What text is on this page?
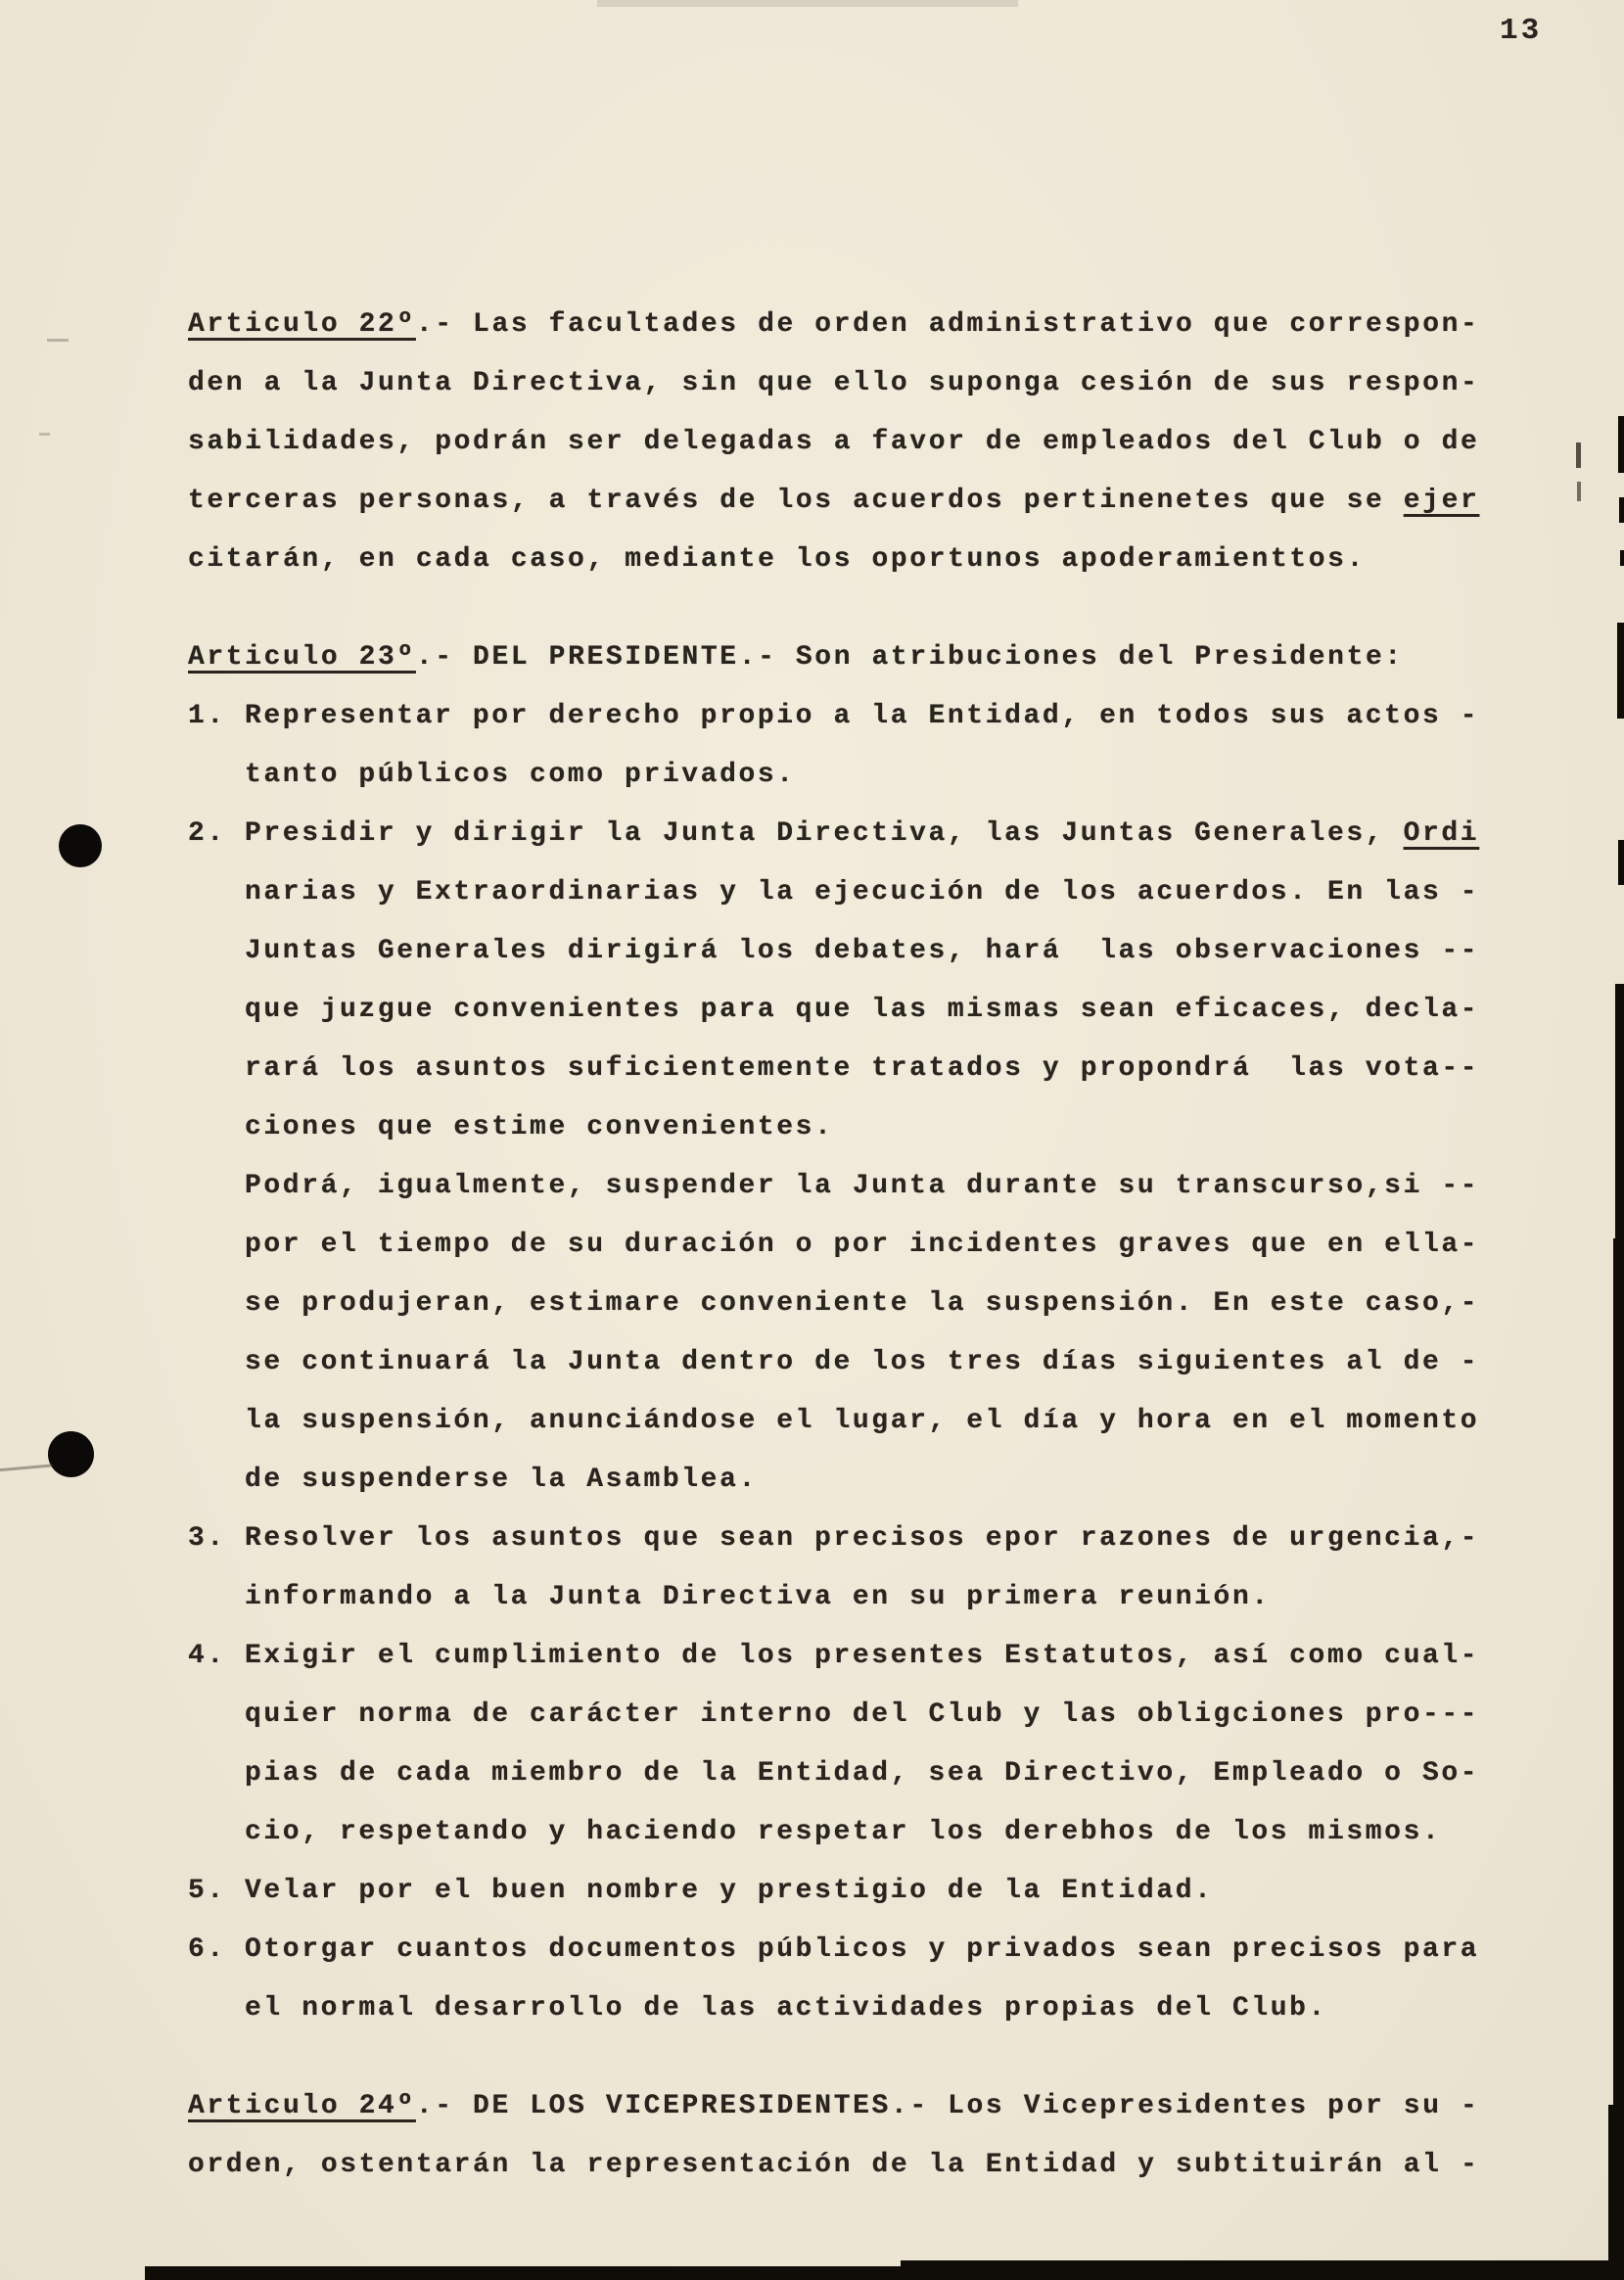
13
Articulo 22º.- Las facultades de orden administrativo que correspon-
den a la Junta Directiva, sin que ello suponga cesión de sus respon-
sabilidades, podrán ser delegadas a favor de empleados del Club o de
terceras personas, a través de los acuerdos pertinenetes que se ejer
citarán, en cada caso, mediante los oportunos apoderamienttos.
Articulo 23º.- DEL PRESIDENTE.- Son atribuciones del Presidente:
1. Representar por derecho propio a la Entidad, en todos sus actos -
tanto públicos como privados.
2. Presidir y dirigir la Junta Directiva, las Juntas Generales, Ordi
narias y Extraordinarias y la ejecución de los acuerdos. En las -
Juntas Generales dirigirá los debates, hará  las observaciones --
que juzgue convenientes para que las mismas sean eficaces, decla-
rará los asuntos suficientemente tratados y propondrá  las vota--
ciones que estime convenientes.
Podrá, igualmente, suspender la Junta durante su transcurso,si --
por el tiempo de su duración o por incidentes graves que en ella-
se produjeran, estimare conveniente la suspensión. En este caso,-
se continuará la Junta dentro de los tres días siguientes al de -
la suspensión, anunciándose el lugar, el día y hora en el momento
de suspenderse la Asamblea.
3. Resolver los asuntos que sean precisos epor razones de urgencia,-
informando a la Junta Directiva en su primera reunión.
4. Exigir el cumplimiento de los presentes Estatutos, así como cual-
quier norma de carácter interno del Club y las obligciones pro---
pias de cada miembro de la Entidad, sea Directivo, Empleado o So-
cio, respetando y haciendo respetar los derebhos de los mismos.
5. Velar por el buen nombre y prestigio de la Entidad.
6. Otorgar cuantos documentos públicos y privados sean precisos para
el normal desarrollo de las actividades propias del Club.
Articulo 24º.- DE LOS VICEPRESIDENTES.- Los Vicepresidentes por su -
orden, ostentarán la representación de la Entidad y subtituirán al -
